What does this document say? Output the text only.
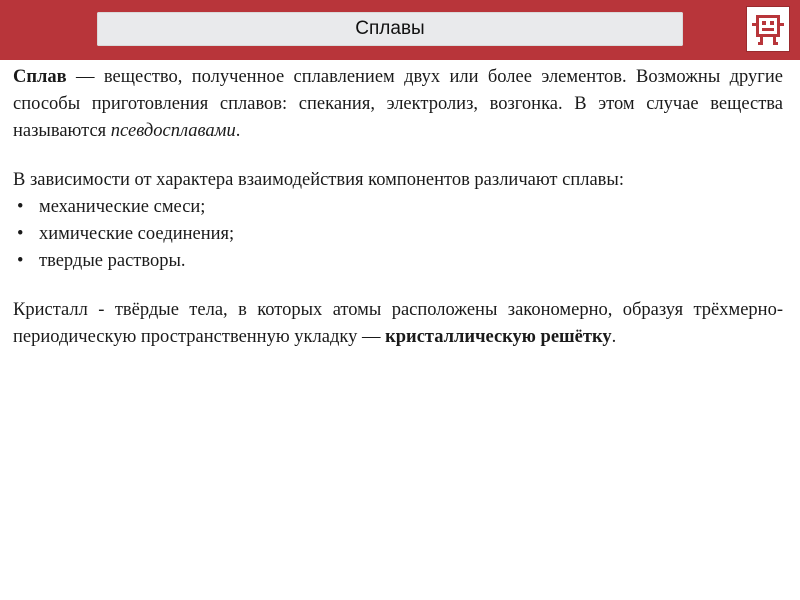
Сплавы

Сплав — вещество, полученное сплавлением двух или более элементов. Возможны другие способы приготовления сплавов: спекания, электролиз, возгонка. В этом случае вещества называются псевдосплавами.

В зависимости от характера взаимодействия компонентов различают сплавы:

• механические смеси;
• химические соединения;
• твердые растворы.

Кристалл - твёрдые тела, в которых атомы расположены закономерно, образуя трёхмерно-периодическую пространственную укладку — кристаллическую решётку.
